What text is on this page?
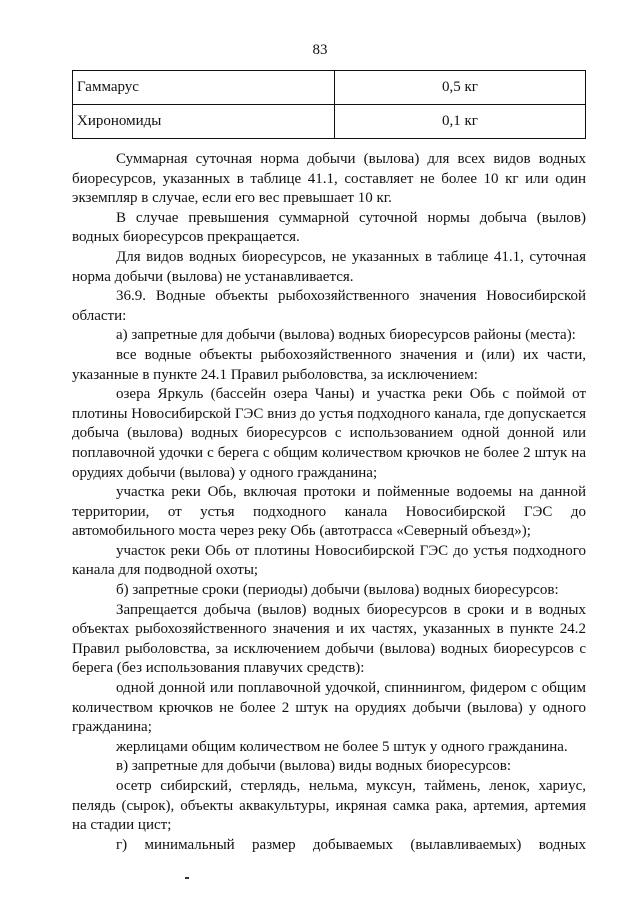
83
Гаммарус	0,5 кг
Хирономиды	0,1 кг

Суммарная суточная норма добычи (вылова) для всех видов водных биоресурсов, указанных в таблице 41.1, составляет не более 10 кг или один экземпляр в случае, если его вес превышает 10 кг.

В случае превышения суммарной суточной нормы добыча (вылов) водных биоресурсов прекращается.

Для видов водных биоресурсов, не указанных в таблице 41.1, суточная норма добычи (вылова) не устанавливается.

36.9. Водные объекты рыбохозяйственного значения Новосибирской области:

а) запретные для добычи (вылова) водных биоресурсов районы (места):

все водные объекты рыбохозяйственного значения и (или) их части, указанные в пункте 24.1 Правил рыболовства, за исключением:

озера Яркуль (бассейн озера Чаны) и участка реки Обь с поймой от плотины Новосибирской ГЭС вниз до устья подходного канала, где допускается добыча (вылова) водных биоресурсов с использованием одной донной или поплавочной удочки с берега с общим количеством крючков не более 2 штук на орудиях добычи (вылова) у одного гражданина;

участка реки Обь, включая протоки и пойменные водоемы на данной территории, от устья подходного канала Новосибирской ГЭС до автомобильного моста через реку Обь (автотрасса «Северный объезд»);

участок реки Обь от плотины Новосибирской ГЭС до устья подходного канала для подводной охоты;

б) запретные сроки (периоды) добычи (вылова) водных биоресурсов:

Запрещается добыча (вылов) водных биоресурсов в сроки и в водных объектах рыбохозяйственного значения и их частях, указанных в пункте 24.2 Правил рыболовства, за исключением добычи (вылова) водных биоресурсов с берега (без использования плавучих средств):

одной донной или поплавочной удочкой, спиннингом, фидером с общим количеством крючков не более 2 штук на орудиях добычи (вылова) у одного гражданина;

жерлицами общим количеством не более 5 штук у одного гражданина.

в) запретные для добычи (вылова) виды водных биоресурсов:

осетр сибирский, стерлядь, нельма, муксун, таймень, ленок, хариус, пелядь (сырок), объекты аквакультуры, икряная самка рака, артемия, артемия на стадии цист;

г) минимальный размер добываемых (вылавливаемых) водных
